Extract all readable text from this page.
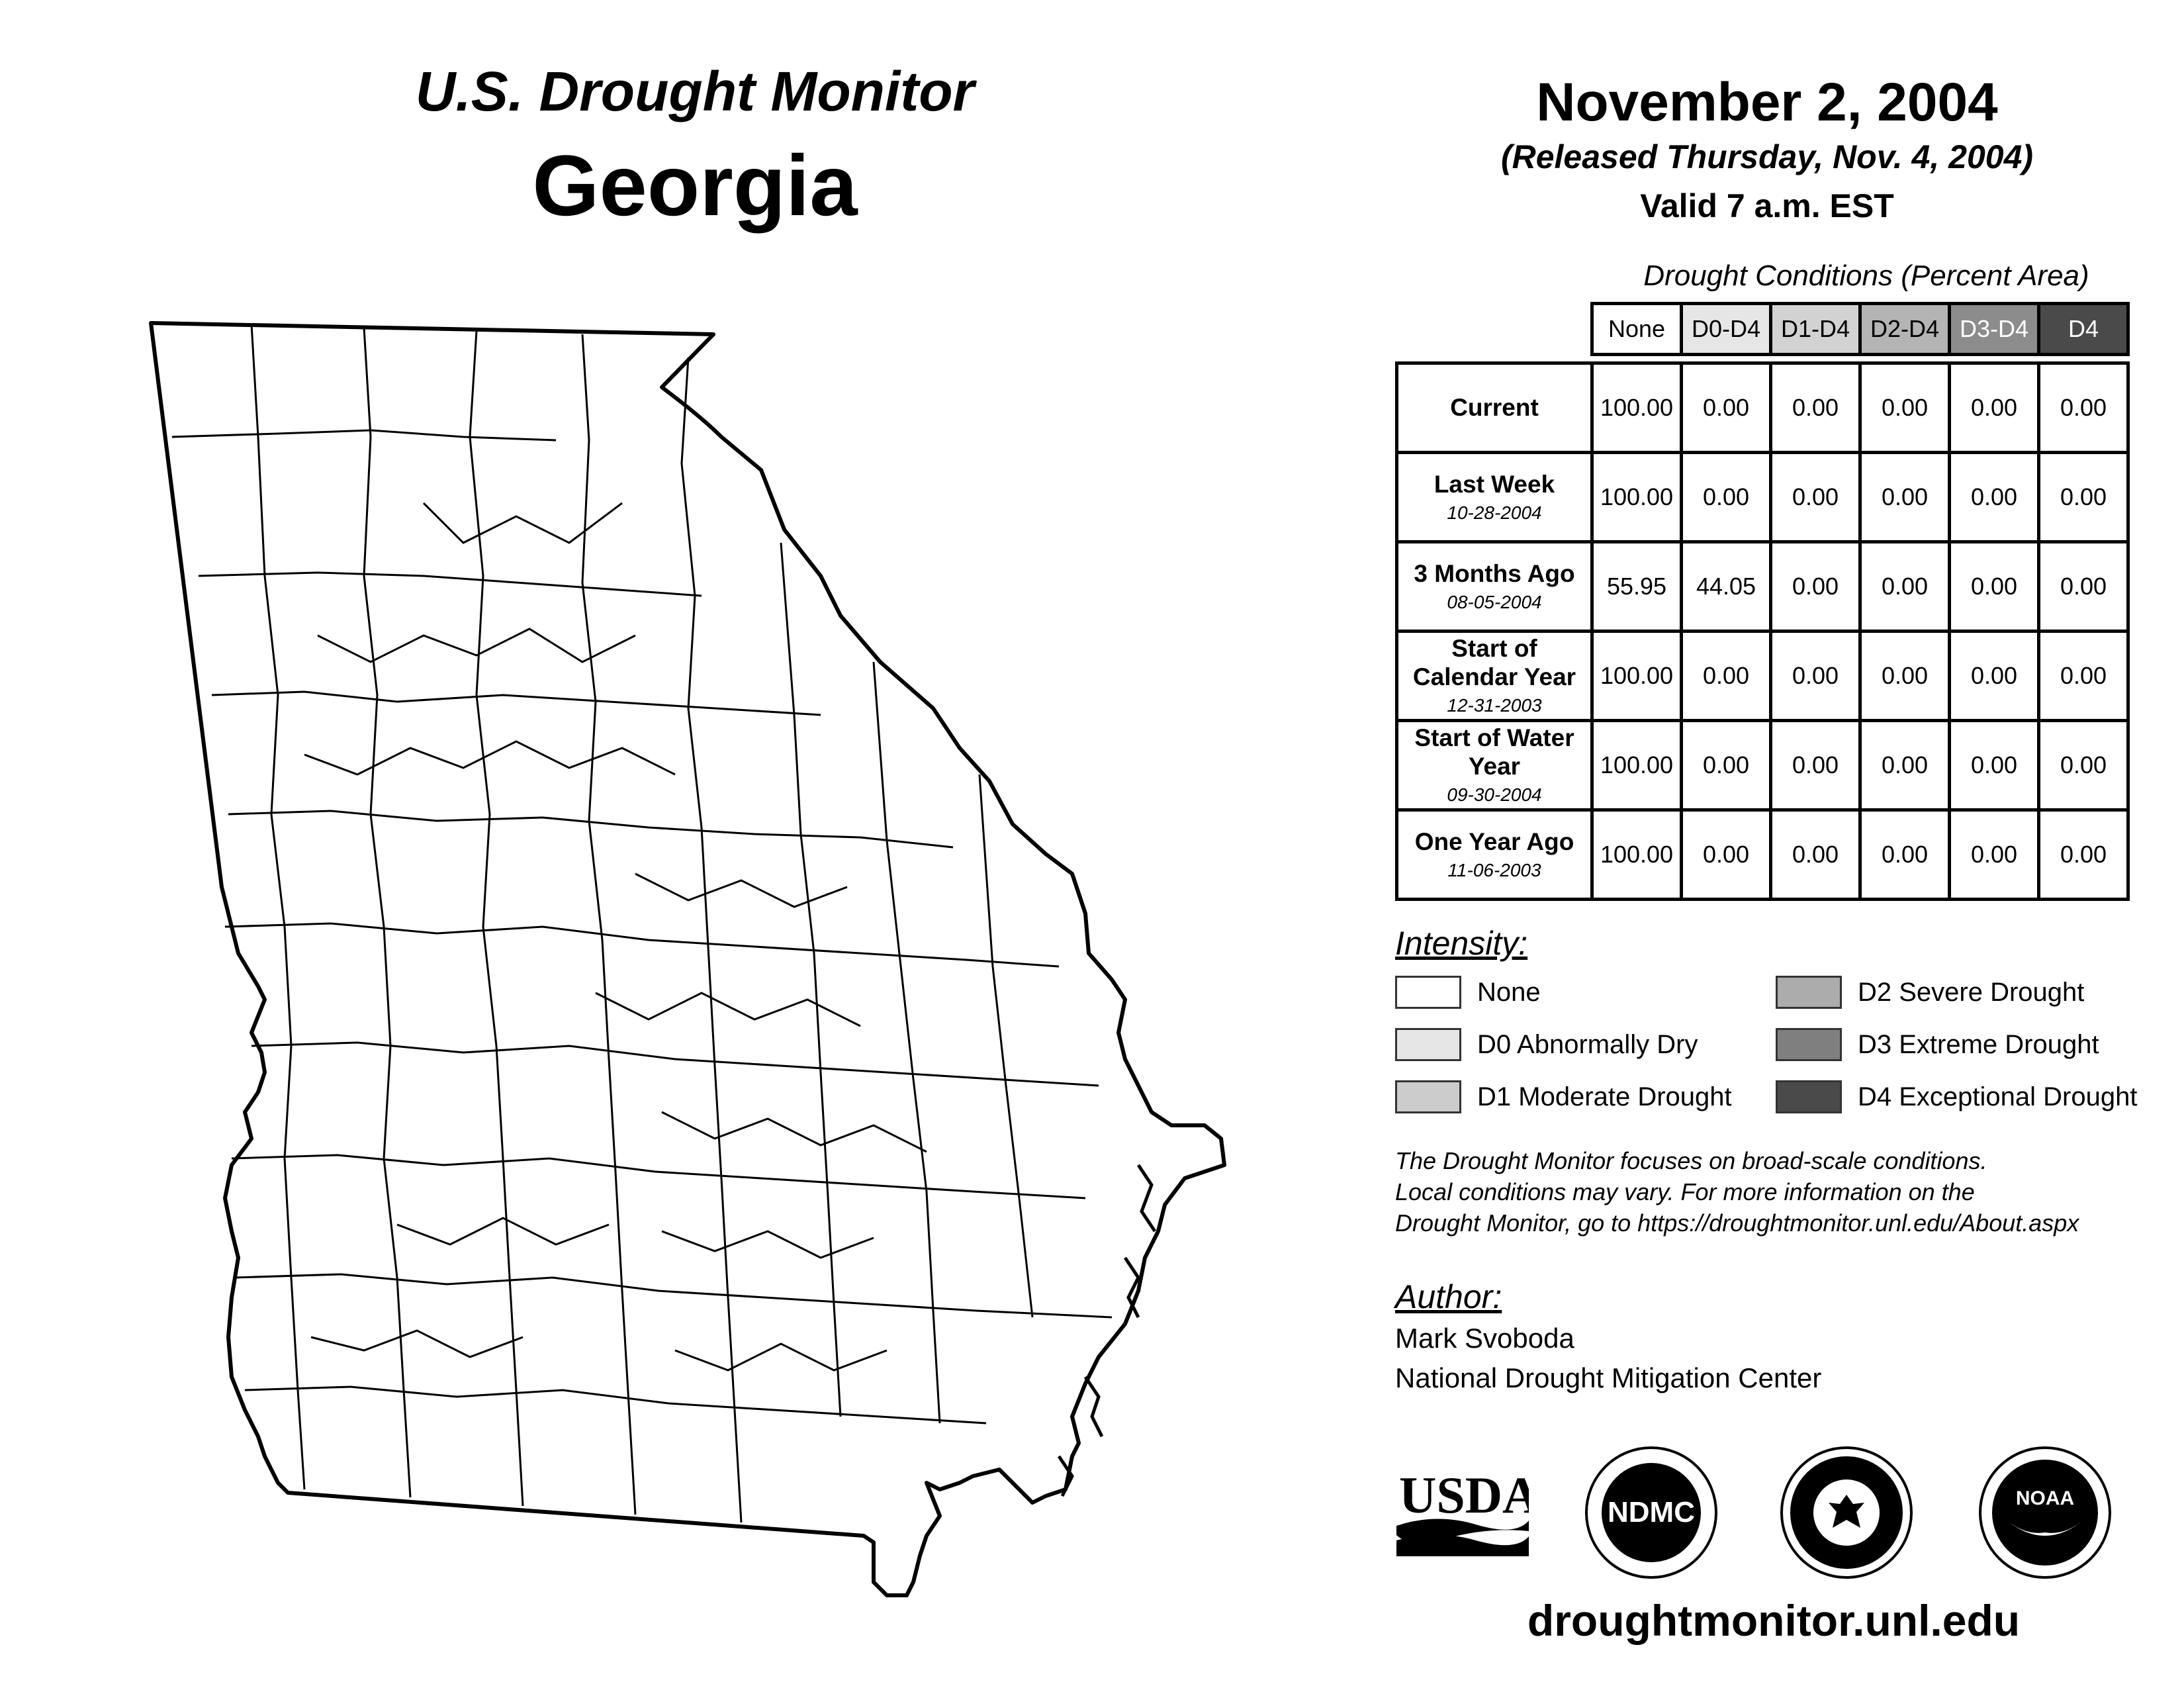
U.S. Drought Monitor
Georgia
November 2, 2004
(Released Thursday, Nov. 4, 2004)
Valid 7 a.m. EST
Drought Conditions (Percent Area)
	None	D0-D4	D1-D4	D2-D4	D3-D4	D4

Current	100.00	0.00	0.00	0.00	0.00	0.00
Last Week
10-28-2004	100.00	0.00	0.00	0.00	0.00	0.00
3 Months Ago
08-05-2004	55.95	44.05	0.00	0.00	0.00	0.00
Start of Calendar Year
12-31-2003	100.00	0.00	0.00	0.00	0.00	0.00
Start of Water Year
09-30-2004	100.00	0.00	0.00	0.00	0.00	0.00
One Year Ago
11-06-2003	100.00	0.00	0.00	0.00	0.00	0.00
Intensity:
None
D0 Abnormally Dry
D1 Moderate Drought
D2 Severe Drought
D3 Extreme Drought
D4 Exceptional Drought
The Drought Monitor focuses on broad-scale conditions.
Local conditions may vary. For more information on the
Drought Monitor, go to https://droughtmonitor.unl.edu/About.aspx
Author:
Mark Svoboda
National Drought Mitigation Center
USDA NDMC	NOAA
droughtmonitor.unl.edu
